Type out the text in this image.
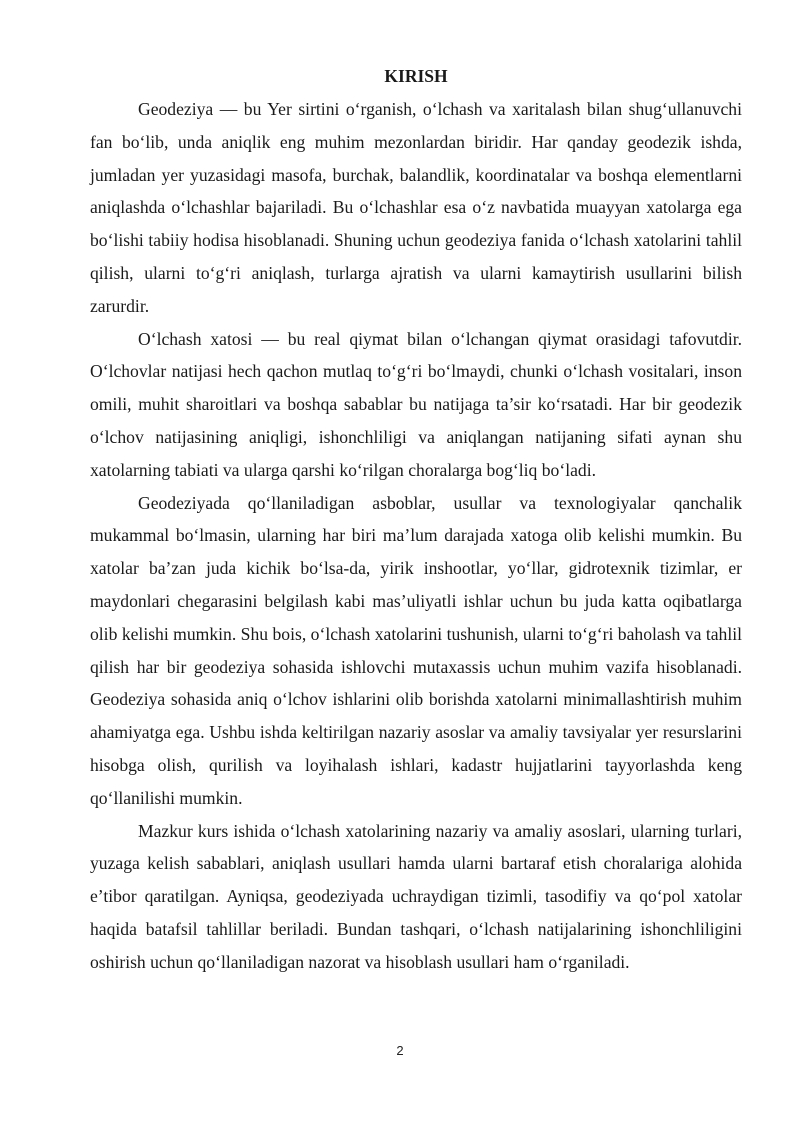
KIRISH

Geodeziya — bu Yer sirtini o‘rganish, o‘lchash va xaritalash bilan shug‘ullanuvchi fan bo‘lib, unda aniqlik eng muhim mezonlardan biridir. Har qanday geodezik ishda, jumladan yer yuzasidagi masofa, burchak, balandlik, koordinatalar va boshqa elementlarni aniqlashda o‘lchashlar bajariladi. Bu o‘lchashlar esa o‘z navbatida muayyan xatolarga ega bo‘lishi tabiiy hodisa hisoblanadi. Shuning uchun geodeziya fanida o‘lchash xatolarini tahlil qilish, ularni to‘g‘ri aniqlash, turlarga ajratish va ularni kamaytirish usullarini bilish zarurdir.

O‘lchash xatosi — bu real qiymat bilan o‘lchangan qiymat orasidagi tafovutdir. O‘lchovlar natijasi hech qachon mutlaq to‘g‘ri bo‘lmaydi, chunki o‘lchash vositalari, inson omili, muhit sharoitlari va boshqa sabablar bu natijaga ta’sir ko‘rsatadi. Har bir geodezik o‘lchov natijasining aniqligi, ishonchliligi va aniqlangan natijaning sifati aynan shu xatolarning tabiati va ularga qarshi ko‘rilgan choralarga bog‘liq bo‘ladi.

Geodeziyada qo‘llaniladigan asboblar, usullar va texnologiyalar qanchalik mukammal bo‘lmasin, ularning har biri ma’lum darajada xatoga olib kelishi mumkin. Bu xatolar ba’zan juda kichik bo‘lsa-da, yirik inshootlar, yo‘llar, gidrotexnik tizimlar, er maydonlari chegarasini belgilash kabi mas’uliyatli ishlar uchun bu juda katta oqibatlarga olib kelishi mumkin. Shu bois, o‘lchash xatolarini tushunish, ularni to‘g‘ri baholash va tahlil qilish har bir geodeziya sohasida ishlovchi mutaxassis uchun muhim vazifa hisoblanadi. Geodeziya sohasida aniq o‘lchov ishlarini olib borishda xatolarni minimallashtirish muhim ahamiyatga ega. Ushbu ishda keltirilgan nazariy asoslar va amaliy tavsiyalar yer resurslarini hisobga olish, qurilish va loyihalash ishlari, kadastr hujjatlarini tayyorlashda keng qo‘llanilishi mumkin.

Mazkur kurs ishida o‘lchash xatolarining nazariy va amaliy asoslari, ularning turlari, yuzaga kelish sabablari, aniqlash usullari hamda ularni bartaraf etish choralariga alohida e’tibor qaratilgan. Ayniqsa, geodeziyada uchraydigan tizimli, tasodifiy va qo‘pol xatolar haqida batafsil tahlillar beriladi. Bundan tashqari, o‘lchash natijalarining ishonchliligini oshirish uchun qo‘llaniladigan nazorat va hisoblash usullari ham o‘rganiladi.

2
